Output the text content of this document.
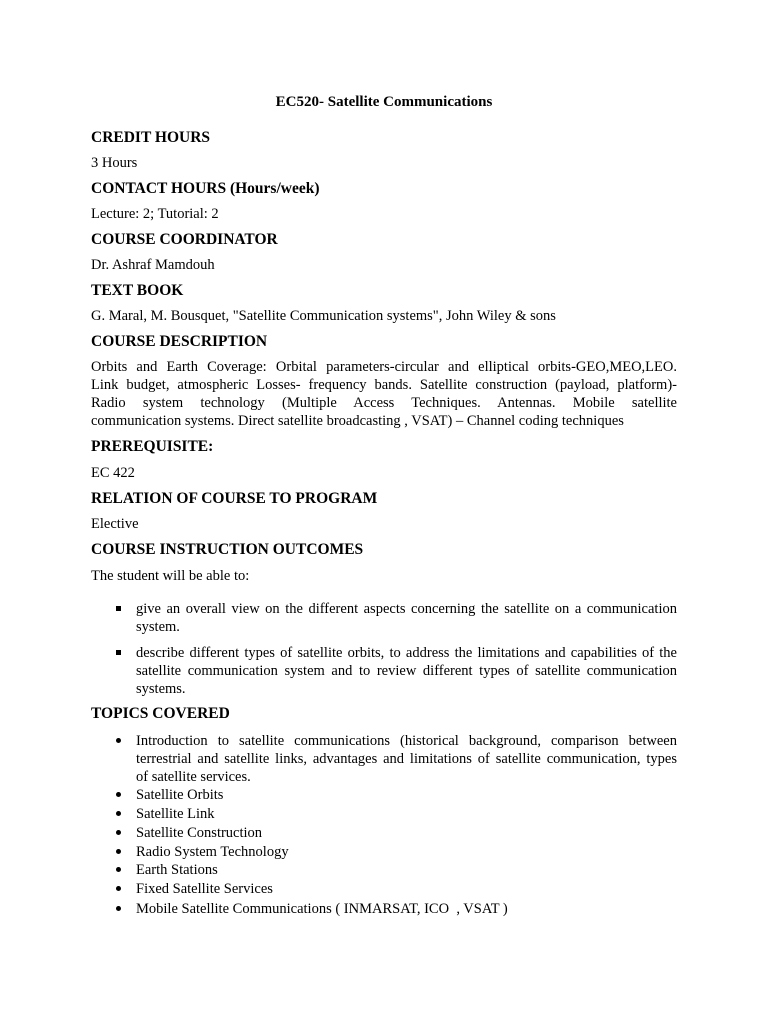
EC520- Satellite Communications
CREDIT HOURS
3 Hours
CONTACT HOURS (Hours/week)
Lecture: 2; Tutorial: 2
COURSE COORDINATOR
Dr. Ashraf Mamdouh
TEXT BOOK
G. Maral, M. Bousquet, "Satellite Communication systems", John Wiley & sons
COURSE DESCRIPTION
Orbits and Earth Coverage: Orbital parameters-circular and elliptical orbits-GEO,MEO,LEO.
Link budget, atmospheric Losses- frequency bands. Satellite construction (payload, platform)-
Radio system technology (Multiple Access Techniques. Antennas. Mobile satellite
communication systems. Direct satellite broadcasting , VSAT) – Channel coding techniques
PREREQUISITE:
EC 422
RELATION OF COURSE TO PROGRAM
Elective
COURSE INSTRUCTION OUTCOMES
The student will be able to:
give an overall view on the different aspects concerning the satellite on a communication
system.
describe different types of satellite orbits, to address the limitations and capabilities of the
satellite communication system and to review different types of satellite communication
systems.
TOPICS COVERED
Introduction to satellite communications (historical background, comparison between
terrestrial and satellite links, advantages and limitations of satellite communication, types
of satellite services.
Satellite Orbits
Satellite Link
Satellite Construction
Radio System Technology
Earth Stations
Fixed Satellite Services
Mobile Satellite Communications ( INMARSAT, ICO  , VSAT )
